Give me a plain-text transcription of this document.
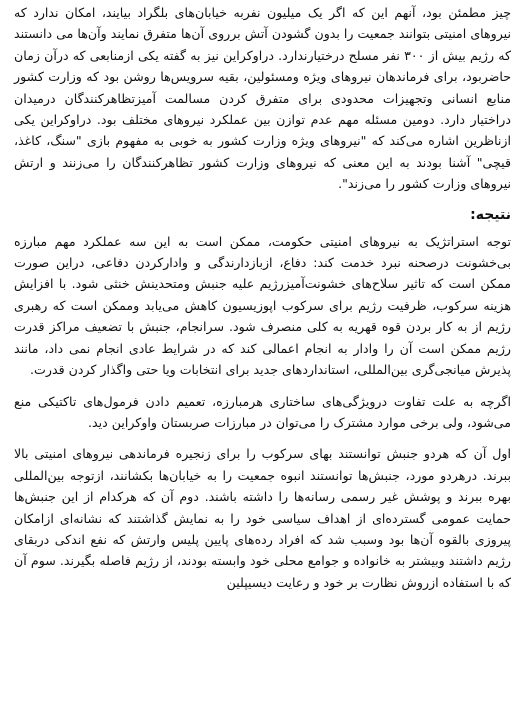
چیز مطمئن بود، آنهم این که اگر یک میلیون نفربه خیابان‌های بلگراد بیایند، امکان ندارد که نیروهای امنیتی بتوانند جمعیت را بدون گشودن آتش برروی آن‌ها متفرق نمایند وآن‌ها می دانستند که رژیم بیش از ۳۰۰ نفر مسلح درختیارندارد. دراوکراین نیز به گفته یکی ازمنابعی که درآن زمان حاضربود، برای فرماندهان نیروهای ویژه ومسئولین، بقیه سرویس‌ها روشن بود که وزارت کشور منابع انسانی وتجهیزات محدودی برای متفرق کردن مسالمت آمیزتظاهرکنندگان درمیدان دراختیار دارد. دومین مسئله مهم عدم توازن بین عملکرد نیروهای مختلف بود. دراوکراین یکی ازناظرین اشاره می‌کند که "نیروهای ویژه وزارت کشور به خوبی به مفهوم بازی "سنگ، کاغذ، قیچی" آشنا بودند به این معنی که نیروهای وزارت کشور تظاهرکنندگان را می‌زنند و ارتش نیروهای وزارت کشور را می‌زند".

نتیجه:

توجه استراتژیک به نیروهای امنیتی حکومت، ممکن است به این سه عملکرد مهم مبارزه بی‌خشونت درصحنه نبرد خدمت کند: دفاع، ازبازدارندگی و وادارکردن دفاعی، دراین صورت ممکن است که تاثیر سلاح‌های خشونت‌آمیزرژیم علیه جنبش ومتحدینش خنثی شود. با افزایش هزینه سرکوب، ظرفیت رژیم برای سرکوب اپوزیسیون کاهش می‌یابد وممکن است که رهبری رژیم از به کار بردن قوه قهریه به کلی منصرف شود. سرانجام، جنبش با تضعیف مراکز قدرت رژیم ممکن است آن را وادار به انجام اعمالی کند که در شرایط عادی انجام نمی داد، مانند پذیرش میانجی‌گری بین‌المللی، استانداردهای جدید برای انتخابات ویا حتی واگذار کردن قدرت.

اگرچه به علت تفاوت درویژگی‌های ساختاری هرمبارزه، تعمیم دادن فرمول‌های تاکتیکی منع می‌شود، ولی برخی موارد مشترک را می‌توان در مبارزات صربستان واوکراین دید.

اول آن که هردو جنبش توانستند بهای سرکوب را برای زنجیره فرماندهی نیروهای امنیتی بالا ببرند. درهردو مورد، جنبش‌ها توانستند انبوه جمعیت را به خیابان‌ها بکشانند، ازتوجه بین‌المللی بهره ببرند و پوشش غیر رسمی رسانه‌ها را داشته باشند. دوم آن که هرکدام از این جنبش‌ها حمایت عمومی گسترده‌ای از اهداف سیاسی خود را به نمایش گذاشتند که نشانه‌ای ازامکان پیروزی بالقوه آن‌ها بود وسبب شد که افراد رده‌های پایین پلیس وارتش که نفع اندکی دربقای رژیم داشتند وبیشتر به خانواده و جوامع محلی خود وابسته بودند، از رژیم فاصله بگیرند. سوم آن که با استفاده ازروش نظارت بر خود و رعایت دیسیپلین
